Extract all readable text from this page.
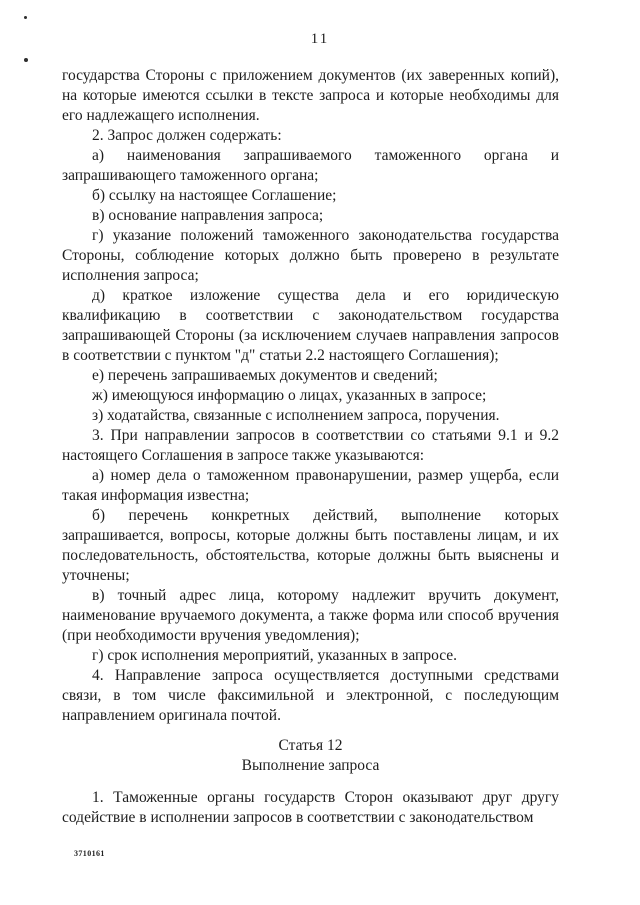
11
государства Стороны с приложением документов (их заверенных копий),
на которые имеются ссылки в тексте запроса и которые необходимы для
его надлежащего исполнения.
2. Запрос должен содержать:
а) наименования запрашиваемого таможенного органа и
запрашивающего таможенного органа;
б) ссылку на настоящее Соглашение;
в) основание направления запроса;
г) указание положений таможенного законодательства государства
Стороны, соблюдение которых должно быть проверено в результате
исполнения запроса;
д) краткое изложение существа дела и его юридическую
квалификацию в соответствии с законодательством государства
запрашивающей Стороны (за исключением случаев направления запросов
в соответствии с пунктом "д" статьи 2.2 настоящего Соглашения);
е) перечень запрашиваемых документов и сведений;
ж) имеющуюся информацию о лицах, указанных в запросе;
з) ходатайства, связанные с исполнением запроса, поручения.
3. При направлении запросов в соответствии со статьями 9.1 и 9.2
настоящего Соглашения в запросе также указываются:
а) номер дела о таможенном правонарушении, размер ущерба, если
такая информация известна;
б) перечень конкретных действий, выполнение которых
запрашивается, вопросы, которые должны быть поставлены лицам, и их
последовательность, обстоятельства, которые должны быть выяснены и
уточнены;
в) точный адрес лица, которому надлежит вручить документ,
наименование вручаемого документа, а также форма или способ вручения
(при необходимости вручения уведомления);
г) срок исполнения мероприятий, указанных в запросе.
4. Направление запроса осуществляется доступными средствами
связи, в том числе факсимильной и электронной, с последующим
направлением оригинала почтой.
Статья 12
Выполнение запроса
1. Таможенные органы государств Сторон оказывают друг другу
содействие в исполнении запросов в соответствии с законодательством
3710161
